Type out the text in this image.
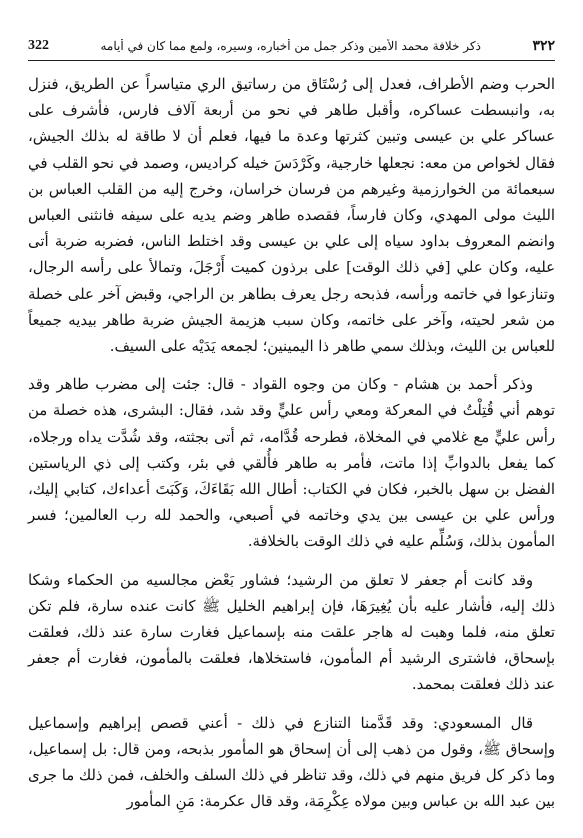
٣٢٢
ذكر خلافة محمد الأمين وذكر جمل من أخباره، وسيره، ولمع مما كان في أيامه
322

الحرب وضم الأطراف، فعدل إلى رُسْتَاق من رساتيق الري متياسراً عن الطريق، فنزل به، وانبسطت عساكره، وأقبل طاهر في نحو من أربعة آلاف فارس، فأشرف على عساكر علي بن عيسى وتبين كثرتها وعدة ما فيها، فعلم أن لا طاقة له بذلك الجيش، فقال لخواص من معه: نجعلها خارجية، وكَرْدَسَ خيله كراديس، وصمد في نحو القلب في سبعمائة من الخوارزمية وغيرهم من فرسان خراسان، وخرج إليه من القلب العباس بن الليث مولى المهدي، وكان فارساً، فقصده طاهر وضم يديه على سيفه فانثنى العباس وانضم المعروف بداود سياه إلى علي بن عيسى وقد اختلط الناس، فضربه ضربة أتى عليه، وكان علي [في ذلك الوقت] على برذون كميت أَرْجَلَ، وتمالأ على رأسه الرجال، وتنازعوا في خاتمه ورأسه، فذبحه رجل يعرف بطاهر بن الراجي، وقبض آخر على خصلة من شعر لحيته، وآخر على خاتمه، وكان سبب هزيمة الجيش ضربة طاهر بيديه جميعاً للعباس بن الليث، وبذلك سمي طاهر ذا اليمينين؛ لجمعه يَدَيْه على السيف.

وذكر أحمد بن هشام - وكان من وجوه القواد - قال: جئت إلى مضرب طاهر وقد توهم أني قُتِلْتُ في المعركة ومعي رأس عليٍّ وقد شد، فقال: البشرى، هذه خصلة من رأس عليٍّ مع غلامي في المخلاة، فطرحه قُدَّامه، ثم أتى بجثته، وقد شُدَّت يداه ورجلاه، كما يفعل بالدوابِّ إذا ماتت، فأمر به طاهر فأُلقي في بئر، وكتب إلى ذي الرياستين الفضل بن سهل بالخبر، فكان في الكتاب: أطال الله بَقَاءَكَ، وَكَبَتَ أعداءك، كتابي إليك، ورأس علي بن عيسى بين يدي وخاتمه في أصبعي، والحمد لله رب العالمين؛ فسر المأمون بذلك، وَسُلِّم عليه في ذلك الوقت بالخلافة.

وقد كانت أم جعفر لا تعلق من الرشيد؛ فشاور بَعْض مجالسيه من الحكماء وشكا ذلك إليه، فأشار عليه بأن يُغِيرَهَا، فإن إبراهيم الخليل ﷺ كانت عنده سارة، فلم تكن تعلق منه، فلما وهبت له هاجر علقت منه بإسماعيل فغارت سارة عند ذلك، فعلقت بإسحاق، فاشترى الرشيد أم المأمون، فاستخلاها، فعلقت بالمأمون، فغارت أم جعفر عند ذلك فعلقت بمحمد.

قال المسعودي: وقد قَدَّمنا التنازع في ذلك - أعني قصص إبراهيم وإسماعيل وإسحاق ﷺ، وقول من ذهب إلى أن إسحاق هو المأمور بذبحه، ومن قال: بل إسماعيل، وما ذكر كل فريق منهم في ذلك، وقد تناظر في ذلك السلف والخلف، فمن ذلك ما جرى بين عبد الله بن عباس وبين مولاه عِكْرِمَة، وقد قال عكرمة: مَنِ المأمور
